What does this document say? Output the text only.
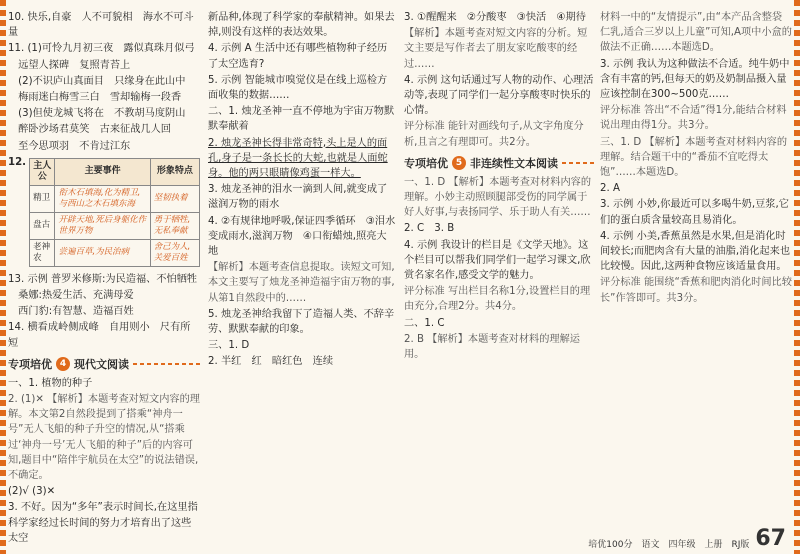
10. 快乐,自豪　人不可貌相　海水不可斗量

11. (1)可怜九月初三夜　露似真珠月似弓

　远望人探碑　复照青苔上

　(2)不识庐山真面目　只缘身在此山中

　梅雨迷白梅雪三白　雪却输梅一段香

　(3)但使龙城飞将在　不教胡马度阴山

　醉卧沙场君莫笑　古来征战几人回

　至今思项羽　不肯过江东

12. 主人公	主要事件	形象特点
精卫	衔木石填海,化为精卫,与西山之木石填东海	坚韧执着
盘古	开辟天地,死后身躯化作世界万物	勇于牺牲,无私奉献
老神农	尝遍百草,为民治病	舍己为人,关爱百姓

13. 示例 普罗米修斯:为民造福、不怕牺牲

　桑娜:热爱生活、充满母爱

　西门豹:有智慧、造福百姓

14. 横看成岭侧成峰　自用则小　尺有所短

专项培优 4 现代文阅读

一、1. 植物的种子

2. (1)✕ 【解析】本题考查对短文内容的理解。本文第2自然段提到了搭乘“神舟一号”无人飞船的种子升空的情况,从“搭乘过‘神舟一号’无人飞船的种子”后的内容可知,题目中“陪伴宇航员在太空”的说法错误,不确定。

(2)√ (3)✕

3. 不好。因为“多年”表示时间长,在这里指科学家经过长时间的努力才培育出了这些太空

新品种,体现了科学家的奉献精神。如果去掉,则没有这样的表达效果。

4. 示例 A 生活中还有哪些植物种子经历了太空选育?

5. 示例 智能城市嗅觉仪是在线上巡检方面收集的数据……

二、1. 烛龙圣神一直不停地为宇宙万物默默奉献着

2. 烛龙圣神长得非常奇特,头上是人的面孔,身子是一条长长的大蛇,也就是人面蛇身。他的两只眼睛像鸡蛋一样大。

3. 烛龙圣神的泪水一滴到人间,就变成了滋润万物的雨水

4. ②有规律地呼吸,保证四季循环　③泪水变成雨水,滋润万物　④口衔蜡烛,照亮大地

【解析】本题考查信息提取。读短文可知,本文主要写了烛龙圣神造福宇宙万物的事,从第1自然段中的……

5. 烛龙圣神给我留下了造福人类、不辞辛劳、默默奉献的印象。

三、1. D

2. 半红　红　暗红色　连续

3. ①醒醒来　②分酸枣　③快活　④期待

【解析】本题考查对短文内容的分析。短文主要是写作者去了朋友家吃酸枣的经过……

4. 示例 这句话通过写人物的动作、心理活动等,表现了同学们一起分享酸枣时快乐的心情。

评分标准 能针对画线句子,从文字角度分析,且言之有理即可。共2分。

专项培优 5 非连续性文本阅读

一、1. D 【解析】本题考查对材料内容的理解。小妙主动照顾腿部受伤的同学属于好人好事,与表扬同学、乐于助人有关……

2. C　3. B

4. 示例 我设计的栏目是《文学天地》。这个栏目可以帮我们同学们一起学习课文,欣赏名家名作,感受文学的魅力。

评分标准 写出栏目名称1分,设置栏目的理由充分,合理2分。共4分。

二、1. C

2. B 【解析】本题考查对材料的理解运用。

材料一中的“友情提示”,由“本产品含整袋仁乳,适合三岁以上儿童”可知,A项中小盒的做法不正确……本题选D。

3. 示例 我认为这种做法不合适。纯牛奶中含有丰富的钙,但每天的奶及奶制品摄入量应该控制在300~500克……

评分标准 答出“不合适”得1分,能结合材料说出理由得1分。共3分。

三、1. D 【解析】本题考查对材料内容的理解。结合题干中的“番茄不宜吃得太饱”……本题选D。

2. A

3. 示例 小妙,你最近可以多喝牛奶,豆浆,它们的蛋白质含量较高且易消化。

4. 示例 小美,香蕉虽然是水果,但是消化时间较长;而肥肉含有大量的油脂,消化起来也比较慢。因此,这两种食物应该适量食用。

评分标准 能围绕“香蕉和肥肉消化时间比较长”作答即可。共3分。

培优100分　语文　四年级　上册　RJ版 67
